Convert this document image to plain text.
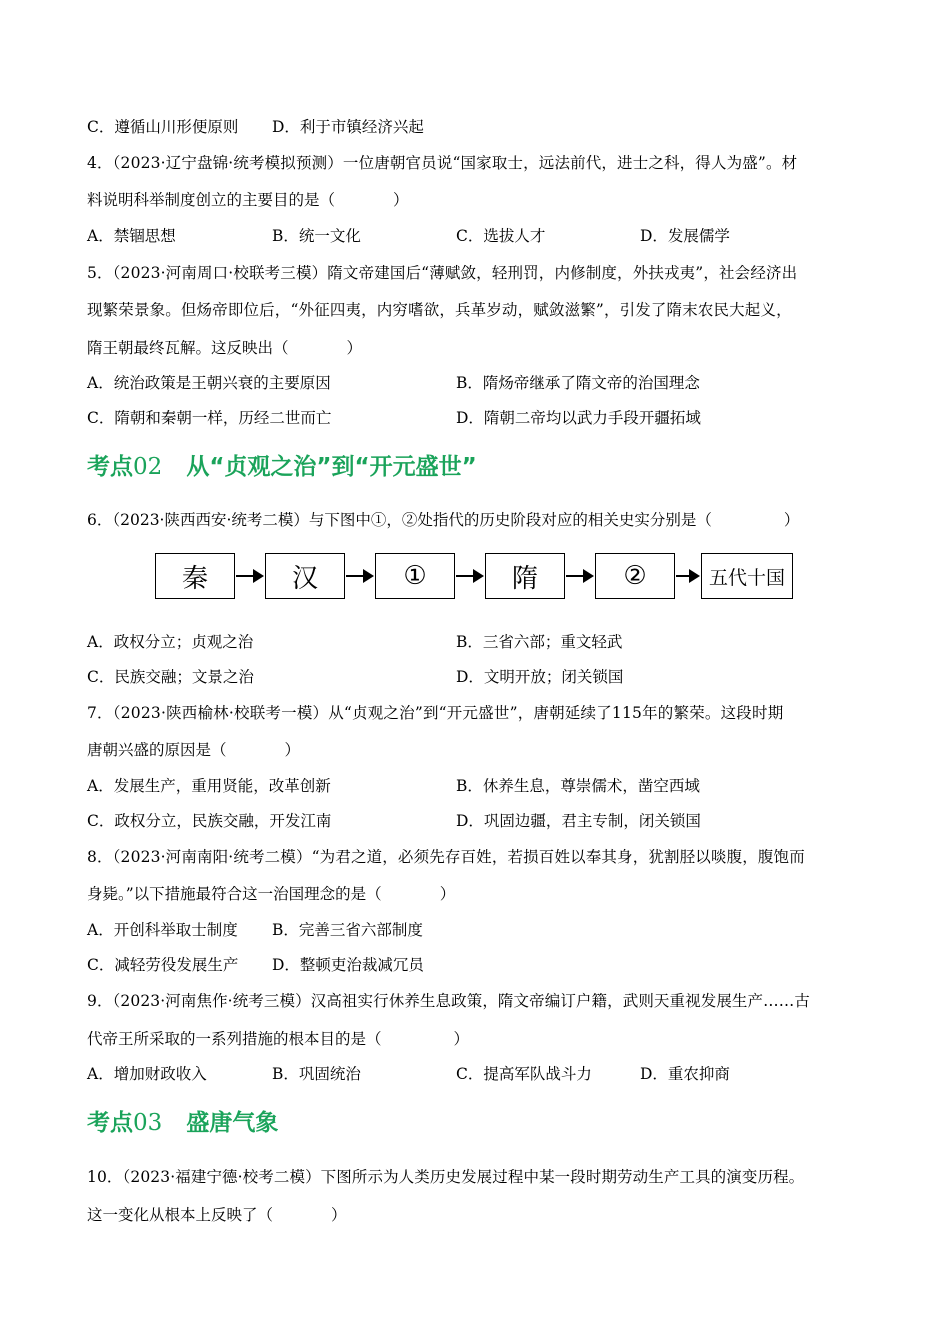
C．遵循山川形便原则 D．利于市镇经济兴起
4．（2023·辽宁盘锦·统考模拟预测）一位唐朝官员说“国家取士，远法前代，进士之科，得人为盛”。材
料说明科举制度创立的主要目的是（	）
A．禁锢思想	B．统一文化	C．选拔人才	D．发展儒学
5．（2023·河南周口·校联考三模）隋文帝建国后“薄赋敛，轻刑罚，内修制度，外扶戎夷”，社会经济出
现繁荣景象。但炀帝即位后，“外征四夷，内穷嗜欲，兵革岁动，赋敛滋繁”，引发了隋末农民大起义，
隋王朝最终瓦解。这反映出（	）
A．统治政策是王朝兴衰的主要原因	B．隋炀帝继承了隋文帝的治国理念
C．隋朝和秦朝一样，历经二世而亡	D．隋朝二帝均以武力手段开疆拓域
考点02 从“贞观之治”到“开元盛世”
6．（2023·陕西西安·统考二模）与下图中①，②处指代的历史阶段对应的相关史实分别是（	）
秦	汉	①	隋	②	五代十国
A．政权分立；贞观之治	B．三省六部；重文轻武
C．民族交融；文景之治	D．文明开放；闭关锁国
7．（2023·陕西榆林·校联考一模）从“贞观之治”到“开元盛世”，唐朝延续了115年的繁荣。这段时期
唐朝兴盛的原因是（	）
A．发展生产，重用贤能，改革创新	B．休养生息，尊崇儒术，凿空西域
C．政权分立，民族交融，开发江南	D．巩固边疆，君主专制，闭关锁国
8．（2023·河南南阳·统考二模）“为君之道，必须先存百姓，若损百姓以奉其身，犹割胫以啖腹，腹饱而
身毙。”以下措施最符合这一治国理念的是（	）
A．开创科举取士制度 B．完善三省六部制度
C．减轻劳役发展生产 D．整顿吏治裁减冗员
9．（2023·河南焦作·统考三模）汉高祖实行休养生息政策，隋文帝编订户籍，武则天重视发展生产……古
代帝王所采取的一系列措施的根本目的是（	）
A．增加财政收入	B．巩固统治	C．提高军队战斗力	D．重农抑商
考点03 盛唐气象
10．（2023·福建宁德·校考二模）下图所示为人类历史发展过程中某一段时期劳动生产工具的演变历程。
这一变化从根本上反映了（	）
